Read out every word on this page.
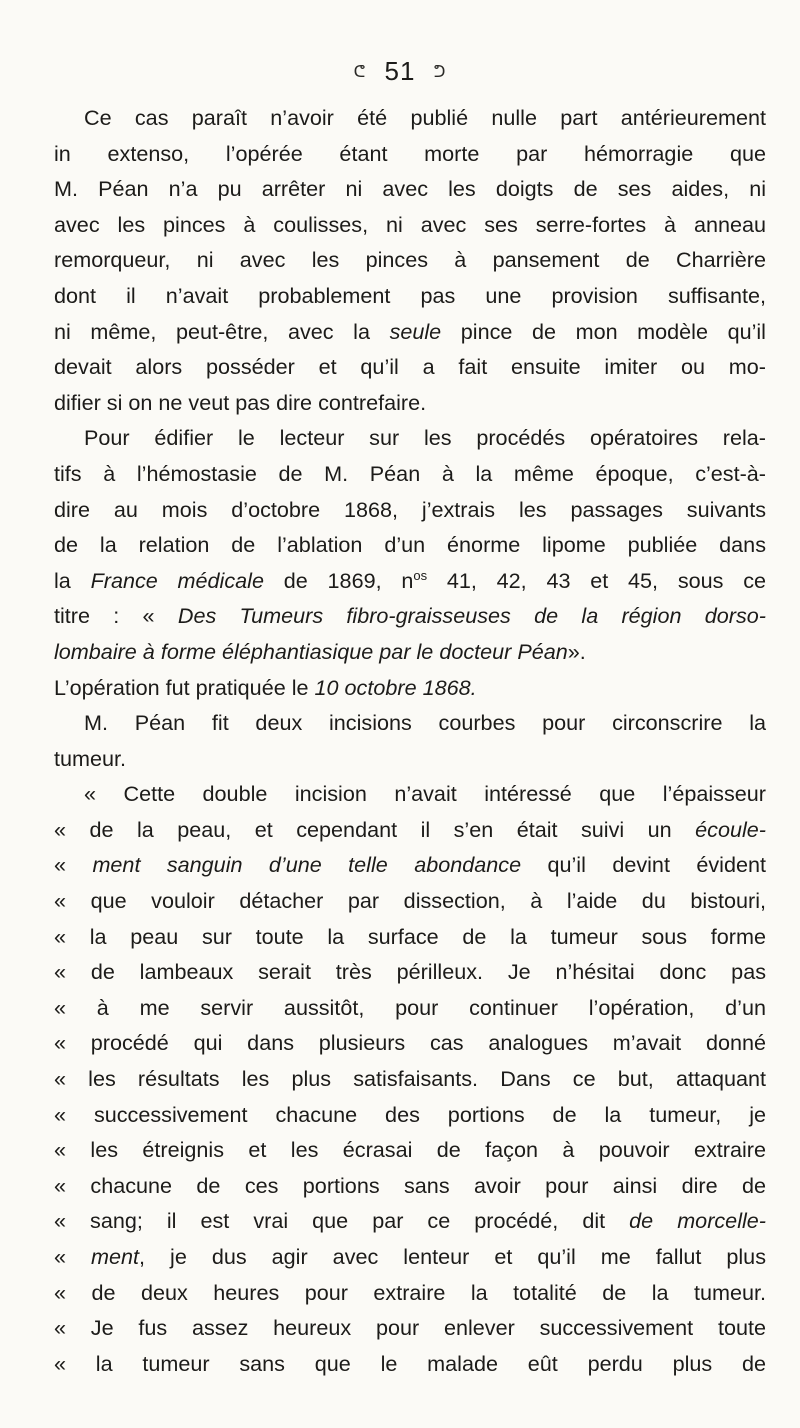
ᕦ 51 ᕤ
Ce cas paraît n’avoir été publié nulle part antérieurement
in extenso, l’opérée étant morte par hémorragie que
M. Péan n’a pu arrêter ni avec les doigts de ses aides, ni
avec les pinces à coulisses, ni avec ses serre-fortes à anneau
remorqueur, ni avec les pinces à pansement de Charrière
dont il n’avait probablement pas une provision suffisante,
ni même, peut-être, avec la seule pince de mon modèle qu’il
devait alors posséder et qu’il a fait ensuite imiter ou mo-
difier si on ne veut pas dire contrefaire.
Pour édifier le lecteur sur les procédés opératoires rela-
tifs à l’hémostasie de M. Péan à la même époque, c’est-à-
dire au mois d’octobre 1868, j’extrais les passages suivants
de la relation de l’ablation d’un énorme lipome publiée dans
la France médicale de 1869, $n^{os}$ 41, 42, 43 et 45, sous ce
titre : « Des Tumeurs fibro-graisseuses de la région dorso-
lombaire à forme éléphantiasique par le docteur Péan».
L’opération fut pratiquée le 10 octobre 1868.
M. Péan fit deux incisions courbes pour circonscrire la
tumeur.
« Cette double incision n’avait intéressé que l’épaisseur
« de la peau, et cependant il s’en était suivi un écoule-
« ment sanguin d’une telle abondance qu’il devint évident
« que vouloir détacher par dissection, à l’aide du bistouri,
« la peau sur toute la surface de la tumeur sous forme
« de lambeaux serait très périlleux. Je n’hésitai donc pas
« à me servir aussitôt, pour continuer l’opération, d’un
« procédé qui dans plusieurs cas analogues m’avait donné
« les résultats les plus satisfaisants. Dans ce but, attaquant
« successivement chacune des portions de la tumeur, je
« les étreignis et les écrasai de façon à pouvoir extraire
« chacune de ces portions sans avoir pour ainsi dire de
« sang; il est vrai que par ce procédé, dit de morcelle-
« ment, je dus agir avec lenteur et qu’il me fallut plus
« de deux heures pour extraire la totalité de la tumeur.
« Je fus assez heureux pour enlever successivement toute
« la tumeur sans que le malade eût perdu plus de
